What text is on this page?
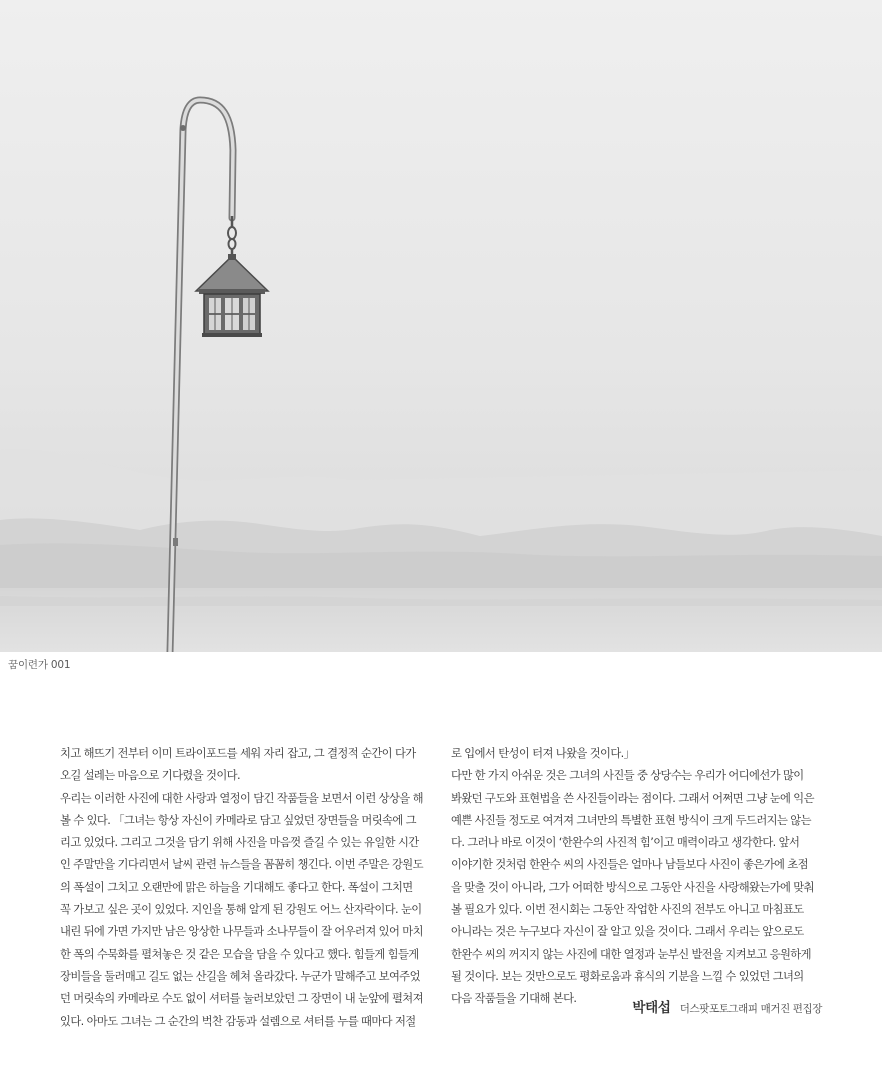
꿈이련가 001
치고 해뜨기 전부터 이미 트라이포드를 세워 자리 잡고, 그 결정적 순간이 다가
오길 설레는 마음으로 기다렸을 것이다.
우리는 이러한 사진에 대한 사랑과 열정이 담긴 작품들을 보면서 이런 상상을 해
볼 수 있다. 「그녀는 항상 자신이 카메라로 담고 싶었던 장면들을 머릿속에 그
리고 있었다. 그리고 그것을 담기 위해 사진을 마음껏 즐길 수 있는 유일한 시간
인 주말만을 기다리면서 날씨 관련 뉴스들을 꼼꼼히 챙긴다. 이번 주말은 강원도
의 폭설이 그치고 오랜만에 맑은 하늘을 기대해도 좋다고 한다. 폭설이 그치면
꼭 가보고 싶은 곳이 있었다. 지인을 통해 알게 된 강원도 어느 산자락이다. 눈이
내린 뒤에 가면 가지만 남은 앙상한 나무들과 소나무들이 잘 어우러져 있어 마치
한 폭의 수묵화를 펼쳐놓은 것 같은 모습을 담을 수 있다고 했다. 힘들게 힘들게
장비들을 둘러매고 길도 없는 산길을 헤쳐 올라갔다. 누군가 말해주고 보여주었
던 머릿속의 카메라로 수도 없이 셔터를 눌러보았던 그 장면이 내 눈앞에 펼쳐져
있다. 아마도 그녀는 그 순간의 벅찬 감동과 설렘으로 셔터를 누를 때마다 저절
로 입에서 탄성이 터져 나왔을 것이다.」
다만 한 가지 아쉬운 것은 그녀의 사진들 중 상당수는 우리가 어디에선가 많이
봐왔던 구도와 표현법을 쓴 사진들이라는 점이다. 그래서 어쩌면 그냥 눈에 익은
예쁜 사진들 정도로 여겨져 그녀만의 특별한 표현 방식이 크게 두드러지는 않는
다. 그러나 바로 이것이 ‘한완수의 사진적 힘’이고 매력이라고 생각한다. 앞서
이야기한 것처럼 한완수 씨의 사진들은 얼마나 남들보다 사진이 좋은가에 초점
을 맞출 것이 아니라, 그가 어떠한 방식으로 그동안 사진을 사랑해왔는가에 맞춰
볼 필요가 있다. 이번 전시회는 그동안 작업한 사진의 전부도 아니고 마침표도
아니라는 것은 누구보다 자신이 잘 알고 있을 것이다. 그래서 우리는 앞으로도
한완수 씨의 꺼지지 않는 사진에 대한 열정과 눈부신 발전을 지켜보고 응원하게
될 것이다. 보는 것만으로도 평화로움과 휴식의 기분을 느낄 수 있었던 그녀의
다음 작품들을 기대해 본다.
박태섭 더스팟포토그래피 매거진 편집장
